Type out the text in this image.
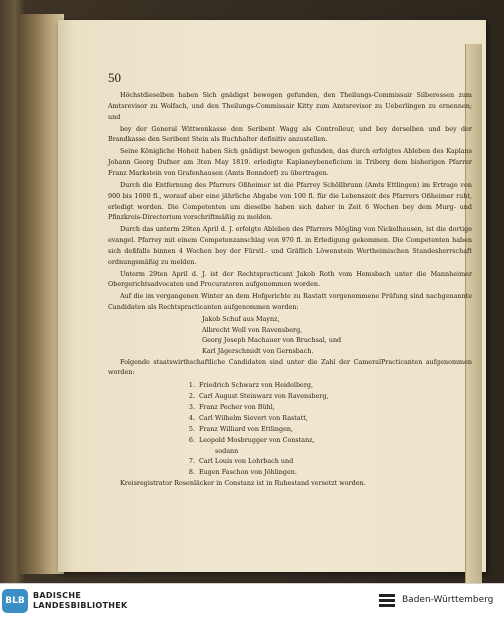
50

Höchstdieselben haben Sich gnädigst bewogen gefunden, den Theilungs-Commissair Silberessen zum Amtsrevisor zu Wolfach, und den Theilungs-Commissair Kitty zum Amtsrevisor zu Ueberlingen zu ernennen; und

bey der General Wittwenkasse den Seribent Wagg als Controlleur, und bey derselben und bey der Brandkasse den Seribent Stein als Buchhalter definitiv anzustellen.

Seine Königliche Hoheit haben Sich gnädigst bewogen gefunden, das durch erfolgtes Ableben des Kaplans Johann Georg Dufner am 3ten May 1819. erledigte Kaplaneybeneficium in Triberg dem bisherigen Pfarrer Franz Markstein von Grafenhausen (Amts Bonndorf) zu übertragen.

Durch die Entfernung des Pfarrers Oßheimer ist die Pfarrey Schöllbrunn (Amts Ettlingen) im Ertrage von 900 bis 1000 fl., worauf aber eine jährliche Abgabe von 100 fl. für die Lebenszeit des Pfarrers Oßheimer ruht, erledigt worden. Die Competenten um dieselbe haben sich daher in Zeit 6 Wochen bey dem Murg- und Pfinzkreis-Directorium vorschriftmäßig zu melden.

Durch das unterm 29ten April d. J. erfolgte Ableben des Pfarrers Mögling von Nickelhausen, ist die dortige evangel. Pfarrey mit einem Competenzanschlag von 970 fl. in Erledigung gekommen. Die Competenten haben sich deßfalls binnen 4 Wochen bey der Fürstl.- und Gräflich Löwenstein Wertheimischen Standesherrschaft ordnungsmäßig zu melden.

Unterm 29ten April d. J. ist der Rechtspracticant Jakob Roth vom Hemsbach unter die Mannheimer Obergerichtsadvocaten und Procuratoren aufgenommen worden.

Auf die im vergangenen Winter an dem Hofgerichte zu Rastatt vorgenommene Prüfung sind nachgenannte Candidaten als Rechtspracticanten aufgenommen worden:

Jakob Schuf aus Maynz,
Albrecht Woll von Ravensberg,
Georg Joseph Machauer von Bruchsal, und
Karl Jägerschmidt von Gernsbach.

Folgende staatswirthschaftliche Candidaten sind unter die Zahl der CameralPracticanten aufgenommen worden:

1. Friedrich Schwarz von Heidelberg,
2. Carl August Steinwarz von Ravensberg,
3. Franz Pecher von Bühl,
4. Carl Wilhelm Sievert von Rastatt,
5. Franz Williard von Ettlingen,
6. Leopold Mosbrugger von Constanz,
sodann
7. Carl Louis von Lohrbach und
8. Eugen Faschon von Jöhlingen.

Kreisregistrator Rosenläcker in Constanz ist in Ruhestand versetzt worden.

BLB
BADISCHE
LANDESBIBLIOTHEK
Baden-Württemberg
